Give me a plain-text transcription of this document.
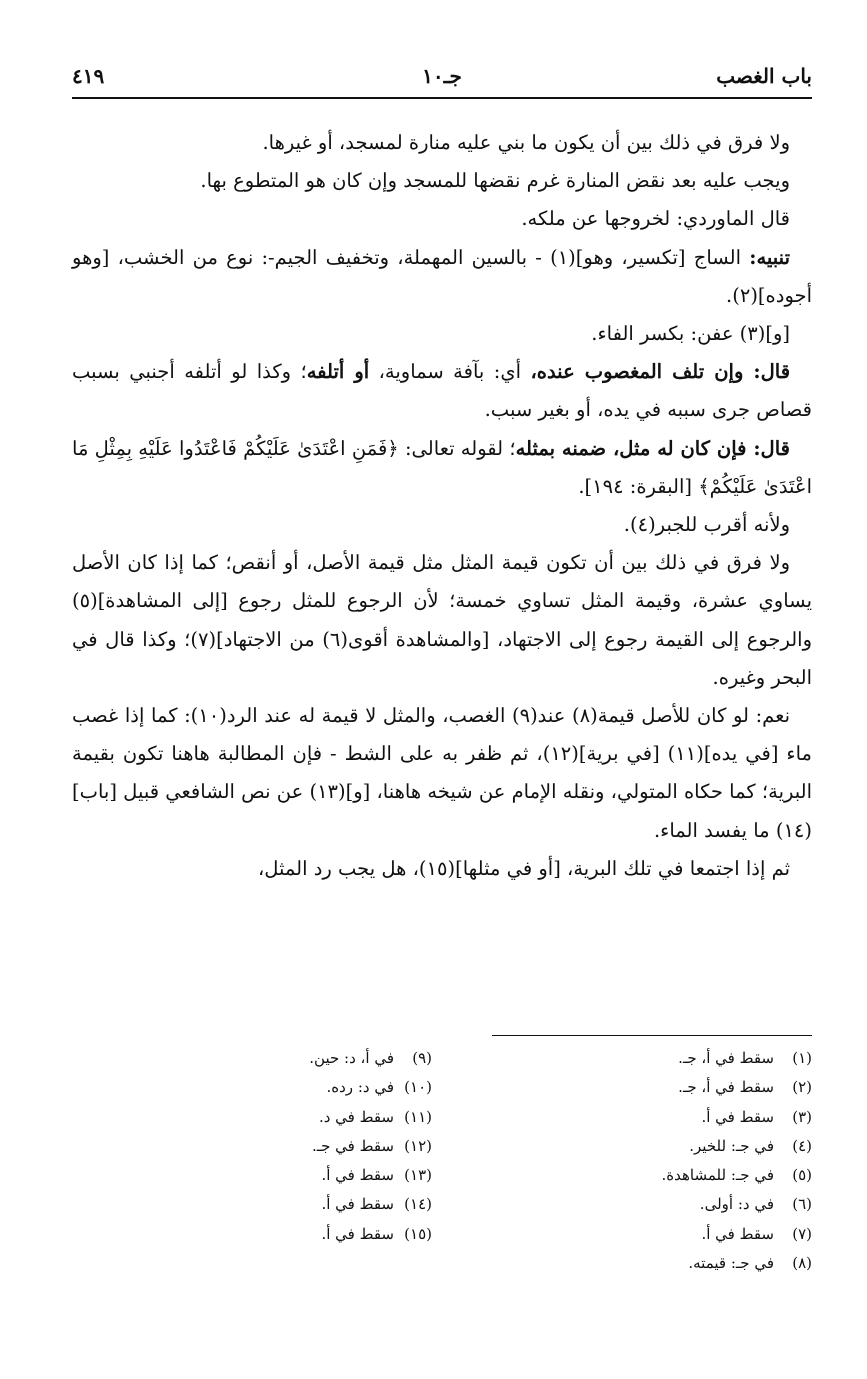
باب الغصب
جـ١٠
٤١٩

ولا فرق في ذلك بين أن يكون ما بني عليه منارة لمسجد، أو غيرها.

ويجب عليه بعد نقض المنارة غرم نقضها للمسجد وإن كان هو المتطوع بها.

قال الماوردي: لخروجها عن ملكه.

تنبيه: الساج [تكسير، وهو](١) - بالسين المهملة، وتخفيف الجيم-: نوع من الخشب، [وهو أجوده](٢).

[و](٣) عفن: بكسر الفاء.

قال: وإن تلف المغصوب عنده، أي: بآفة سماوية، أو أتلفه؛ وكذا لو أتلفه أجنبي بسبب قصاص جرى سببه في يده، أو بغير سبب.

قال: فإن كان له مثل، ضمنه بمثله؛ لقوله تعالى: ﴿فَمَنِ اعْتَدَىٰ عَلَيْكُمْ فَاعْتَدُوا عَلَيْهِ بِمِثْلِ مَا اعْتَدَىٰ عَلَيْكُمْ﴾ [البقرة: ١٩٤].

ولأنه أقرب للجبر(٤).

ولا فرق في ذلك بين أن تكون قيمة المثل مثل قيمة الأصل، أو أنقص؛ كما إذا كان الأصل يساوي عشرة، وقيمة المثل تساوي خمسة؛ لأن الرجوع للمثل رجوع [إلى المشاهدة](٥) والرجوع إلى القيمة رجوع إلى الاجتهاد، [والمشاهدة أقوى(٦) من الاجتهاد](٧)؛ وكذا قال في البحر وغيره.

نعم: لو كان للأصل قيمة(٨) عند(٩) الغصب، والمثل لا قيمة له عند الرد(١٠): كما إذا غصب ماء [في يده](١١) [في برية](١٢)، ثم ظفر به على الشط - فإن المطالبة هاهنا تكون بقيمة البرية؛ كما حكاه المتولي، ونقله الإمام عن شيخه هاهنا، [و](١٣) عن نص الشافعي قبيل [باب](١٤) ما يفسد الماء.

ثم إذا اجتمعا في تلك البرية، [أو في مثلها](١٥)، هل يجب رد المثل،

(١)سقط في أ، جـ.
(٢)سقط في أ، جـ.
(٣)سقط في أ.
(٤)في جـ: للخير.
(٥)في جـ: للمشاهدة.
(٦)في د: أولى.
(٧)سقط في أ.
(٨)في جـ: قيمته.
(٩)في أ، د: حين.
(١٠)في د: رده.
(١١)سقط في د.
(١٢)سقط في جـ.
(١٣)سقط في أ.
(١٤)سقط في أ.
(١٥)سقط في أ.
